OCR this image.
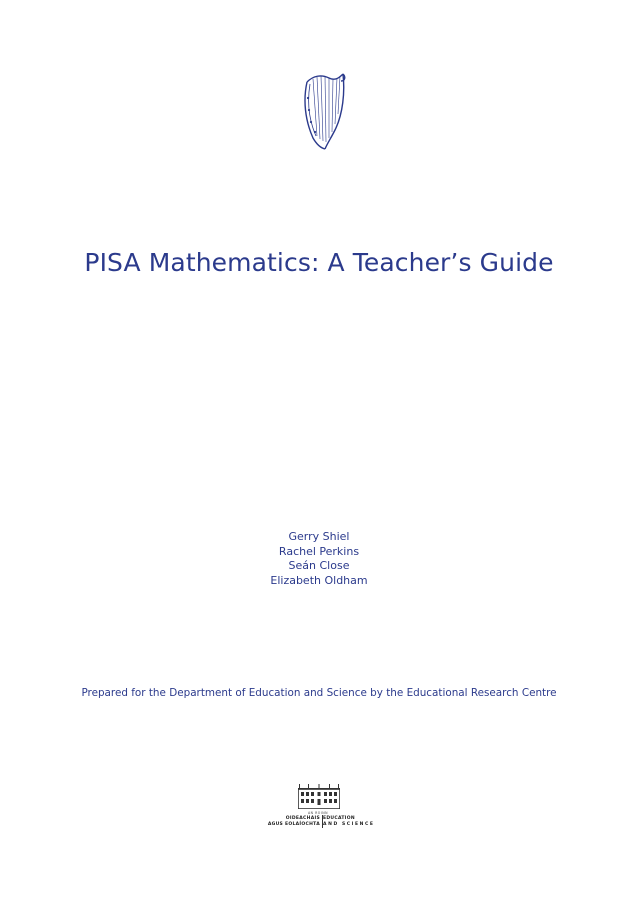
PISA Mathematics: A Teacher’s Guide
Gerry Shiel
Rachel Perkins
Seán Close
Elizabeth Oldham
Prepared for the Department of Education and Science by the Educational Research Centre
AN ROINN
OIDEACHAIS
AGUS EOLAÍOCHTA
EDUCATION
AND SCIENCE
